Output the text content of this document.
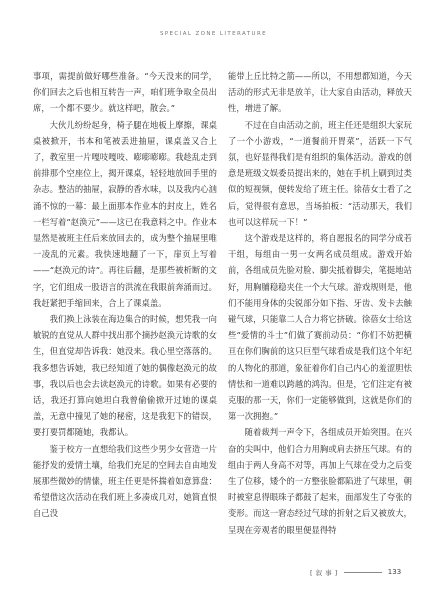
SPECIAL ZONE LITERATURE

事项，需提前做好哪些准备。“今天没来的同学，你们回去之后也相互转告一声，咱们班争取全员出席，一个都不要少。就这样吧，散会。”

大伙儿纷纷起身，椅子腿在地板上摩擦，课桌桌被掀开，书本和笔被丢进抽屉，课桌盖又合上了，教室里一片嘎吱嘎吱、嘭嘭嘭嘭。我趁乱走到前排那个空座位上，揭开课桌，轻轻地放回手里的杂志。整洁的抽屉，寂静的香水味，以及我内心汹涌不惊的一幕：最上面那本作业本的封皮上，姓名一栏写着“赵涣元”——这已在我意料之中。作业本显然是被班主任后来放回去的，成为整个抽屉里唯一凌乱的元素。我快速地翻了一下，扉页上写着——“赵涣元的诗”。再往后翻，是那些被析断的文字，它们组成一股语言的洪流在我眼前奔涌而过。我赶紧把手缩回来，合上了课桌盖。

我们换上泳装在海边集合的时候，想凭我一向敏锐的直觉从人群中找出那个摘抄赵涣元诗歌的女生，但直觉却告诉我：她没来。我心里空落落的。我多想告诉她，我已经知道了她的偶像赵涣元的故事，我以后也会去读赵涣元的诗歌。如果有必要的话，我还打算向她坦白我曾偷偷掀开过她的课桌盖，无意中撞见了她的秘密，这是我犯下的错误，要打要罚都随她，我都认。

鉴于校方一直想给我们这些少男少女营造一片能抒发的爱情土壤，给我们充足的空间去自由地发展那些微妙的情愫，班主任更是怀揣着如意算盘：希望借这次活动在我们班上多凑成几对，她简直恨自己没

能带上丘比特之箭——所以，不用想都知道，今天活动的形式无非是放羊，让大家自由活动，释放天性，增进了解。

不过在自由活动之前，班主任还是组织大家玩了一个小游戏，“一道餐前开胃菜”，活跃一下气氛，也好显得我们是有组织的集体活动。游戏的创意是班级文娱委员提出来的，她在手机上刷到过类似的短视频，便转发给了班主任。徐蓓女士看了之后，觉得很有意思，当场拍板：“活动那天，我们也可以这样玩一下！”

这个游戏是这样的，将自愿报名的同学分成若干组，每组由一男一女两名成员组成。游戏开始前，各组成员先脸对脸、脚尖抵着脚尖，笔挺地站好，用胸脯稳稳夹住一个大气球。游戏规则是，他们不能用身体的尖锐部分如下指、牙齿、发卡去触碰气球，只能靠二人合力将它挤破。徐蓓女士给这些“爱情的斗士”们做了赛前动员：“你们不妨把横亘在你们胸前的这只巨型气球看成是我们这个年纪的人物化的那道，象征着你们自己内心的羞涩胆怯情怯和一道难以跨越的鸿沟。但是，它们注定有被克服的那一天，你们一定能够做到，这就是你们的第一次拥抱。”

随着裁判一声令下，各组成员开始突围。在兴奋的尖叫中，他们合力用胸或肩去挤压气球。有的组由于两人身高不对等，再加上气球在受力之后变生了位移，矮个的一方整张脸都陷进了气球里，朝时被窒息得眼珠子都鼓了起来，面部发生了夸张的变形。而这一窘态经过气球的折射之后又被放大，呈现在旁观者的眼里便显得特

[ 叙 事 ]	133
